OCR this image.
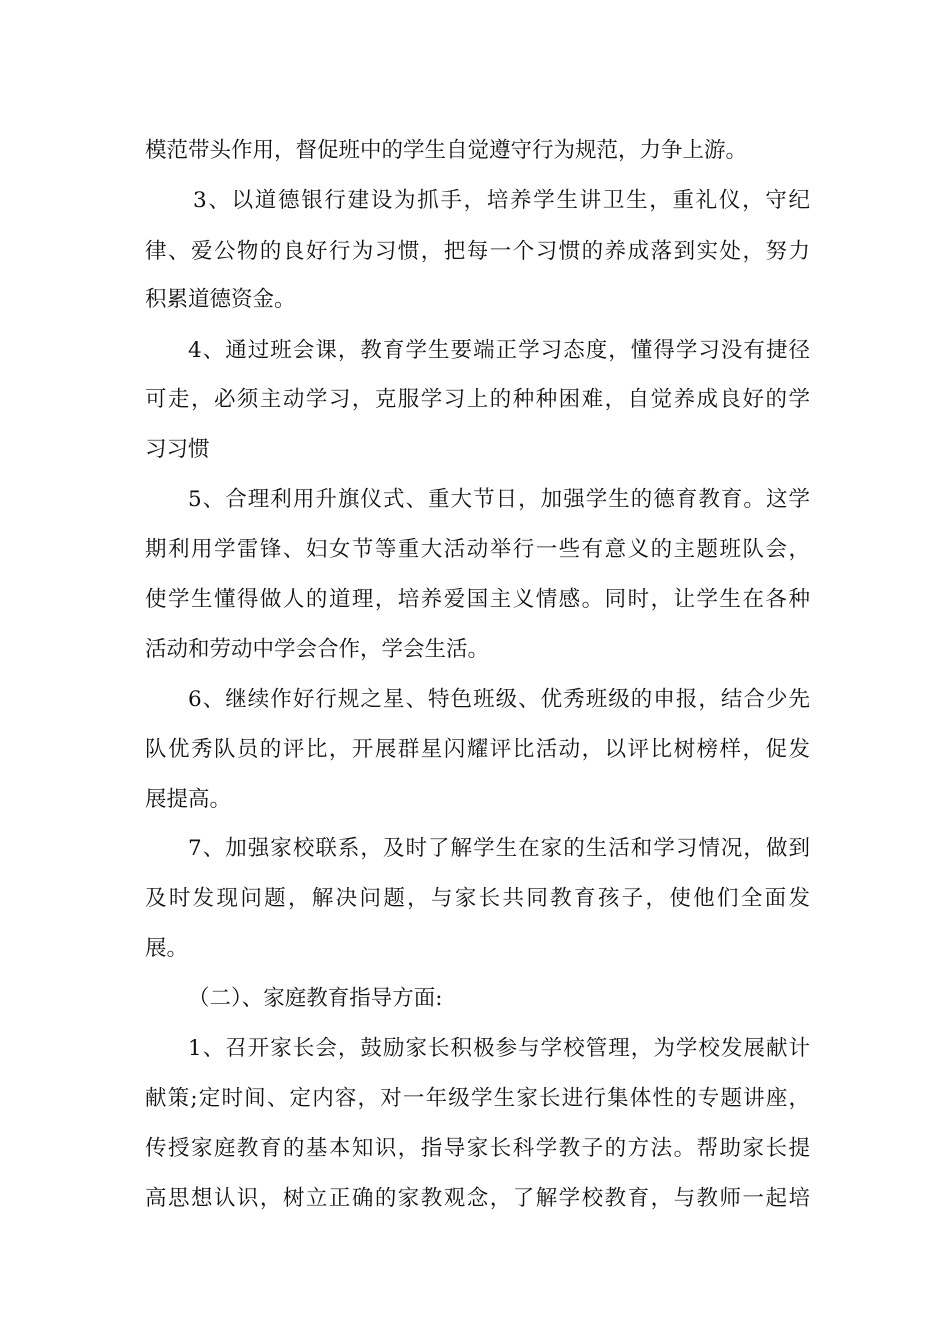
模范带头作用，督促班中的学生自觉遵守行为规范，力争上游。
3、以道德银行建设为抓手，培养学生讲卫生，重礼仪，守纪
律、爱公物的良好行为习惯，把每一个习惯的养成落到实处，努力
积累道德资金。
4、通过班会课，教育学生要端正学习态度，懂得学习没有捷径
可走，必须主动学习，克服学习上的种种困难，自觉养成良好的学
习习惯
5、合理利用升旗仪式、重大节日，加强学生的德育教育。这学
期利用学雷锋、妇女节等重大活动举行一些有意义的主题班队会，
使学生懂得做人的道理，培养爱国主义情感。同时，让学生在各种
活动和劳动中学会合作，学会生活。
6、继续作好行规之星、特色班级、优秀班级的申报，结合少先
队优秀队员的评比，开展群星闪耀评比活动，以评比树榜样，促发
展提高。
7、加强家校联系，及时了解学生在家的生活和学习情况，做到
及时发现问题，解决问题，与家长共同教育孩子，使他们全面发
展。
（二）、家庭教育指导方面:
1、召开家长会，鼓励家长积极参与学校管理，为学校发展献计
献策;定时间、定内容，对一年级学生家长进行集体性的专题讲座，
传授家庭教育的基本知识，指导家长科学教子的方法。帮助家长提
高思想认识，树立正确的家教观念，了解学校教育，与教师一起培
